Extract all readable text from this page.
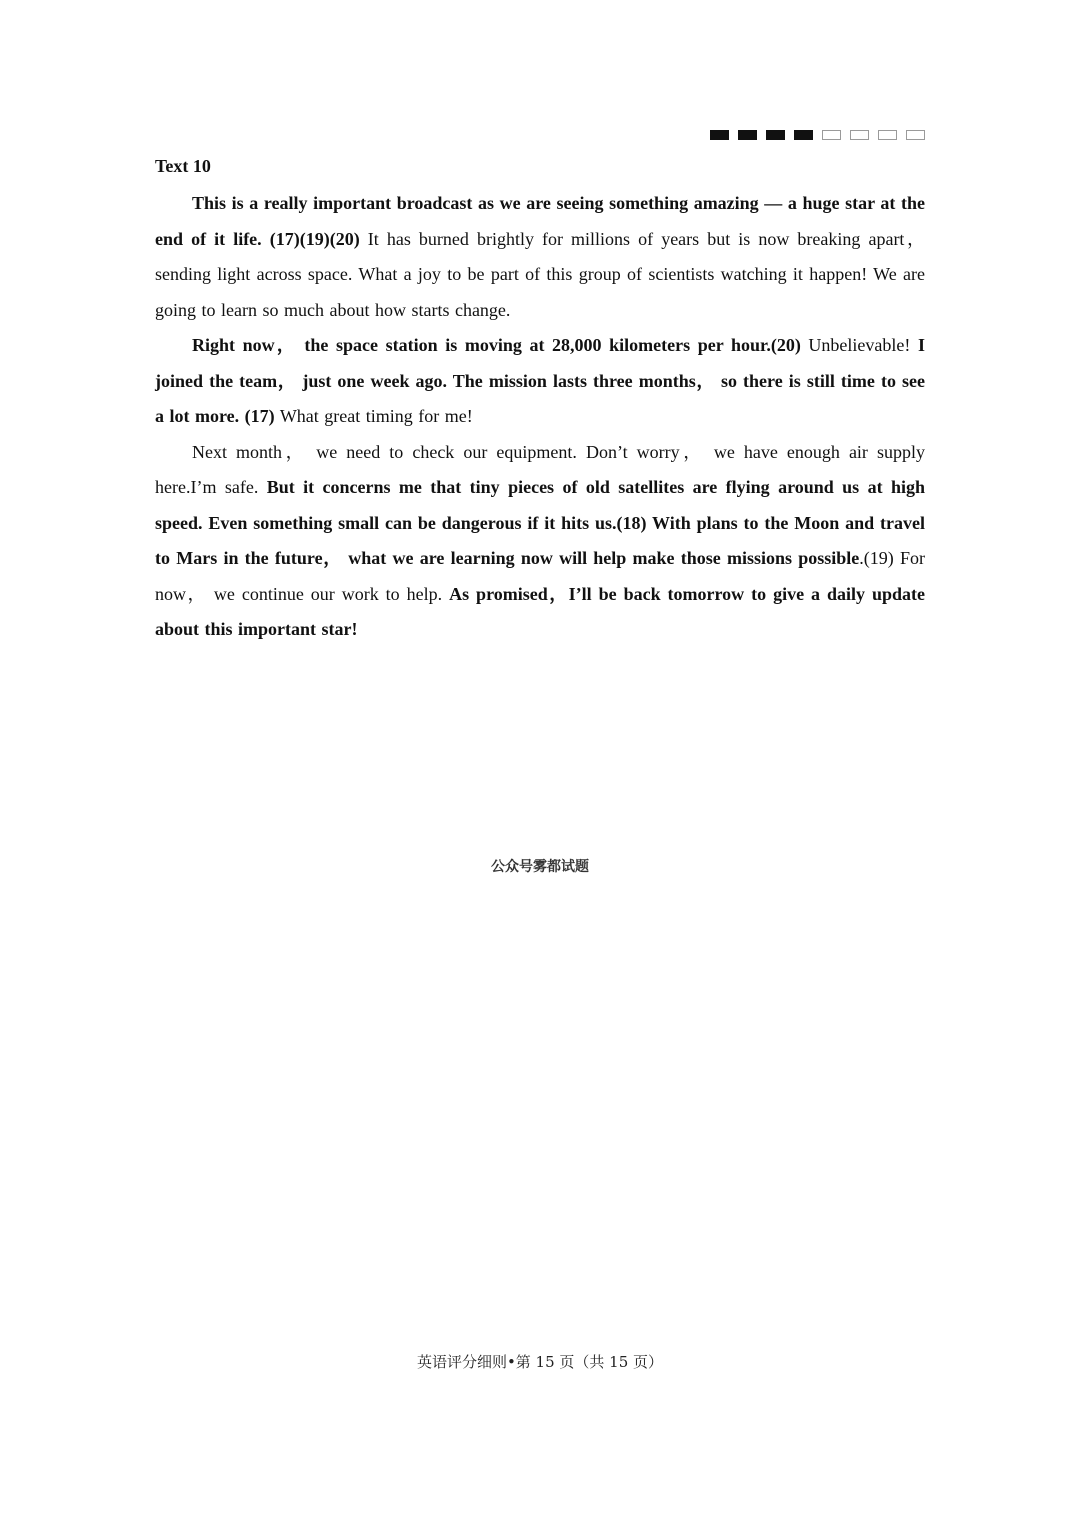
Text 10

This is a really important broadcast as we are seeing something amazing — a huge star at the end of it life. (17)(19)(20) It has burned brightly for millions of years but is now breaking apart，sending light across space. What a joy to be part of this group of scientists watching it happen! We are going to learn so much about how starts change.

Right now， the space station is moving at 28,000 kilometers per hour.(20) Unbelievable! I joined the team， just one week ago. The mission lasts three months， so there is still time to see a lot more. (17) What great timing for me!

Next month， we need to check our equipment. Don’t worry， we have enough air supply here.I’m safe. But it concerns me that tiny pieces of old satellites are flying around us at high speed. Even something small can be dangerous if it hits us.(18) With plans to the Moon and travel to Mars in the future， what we are learning now will help make those missions possible.(19) For now， we continue our work to help. As promised，I’ll be back tomorrow to give a daily update about this important star!

公众号雾都试题
英语评分细则•第 15 页（共 15 页）
